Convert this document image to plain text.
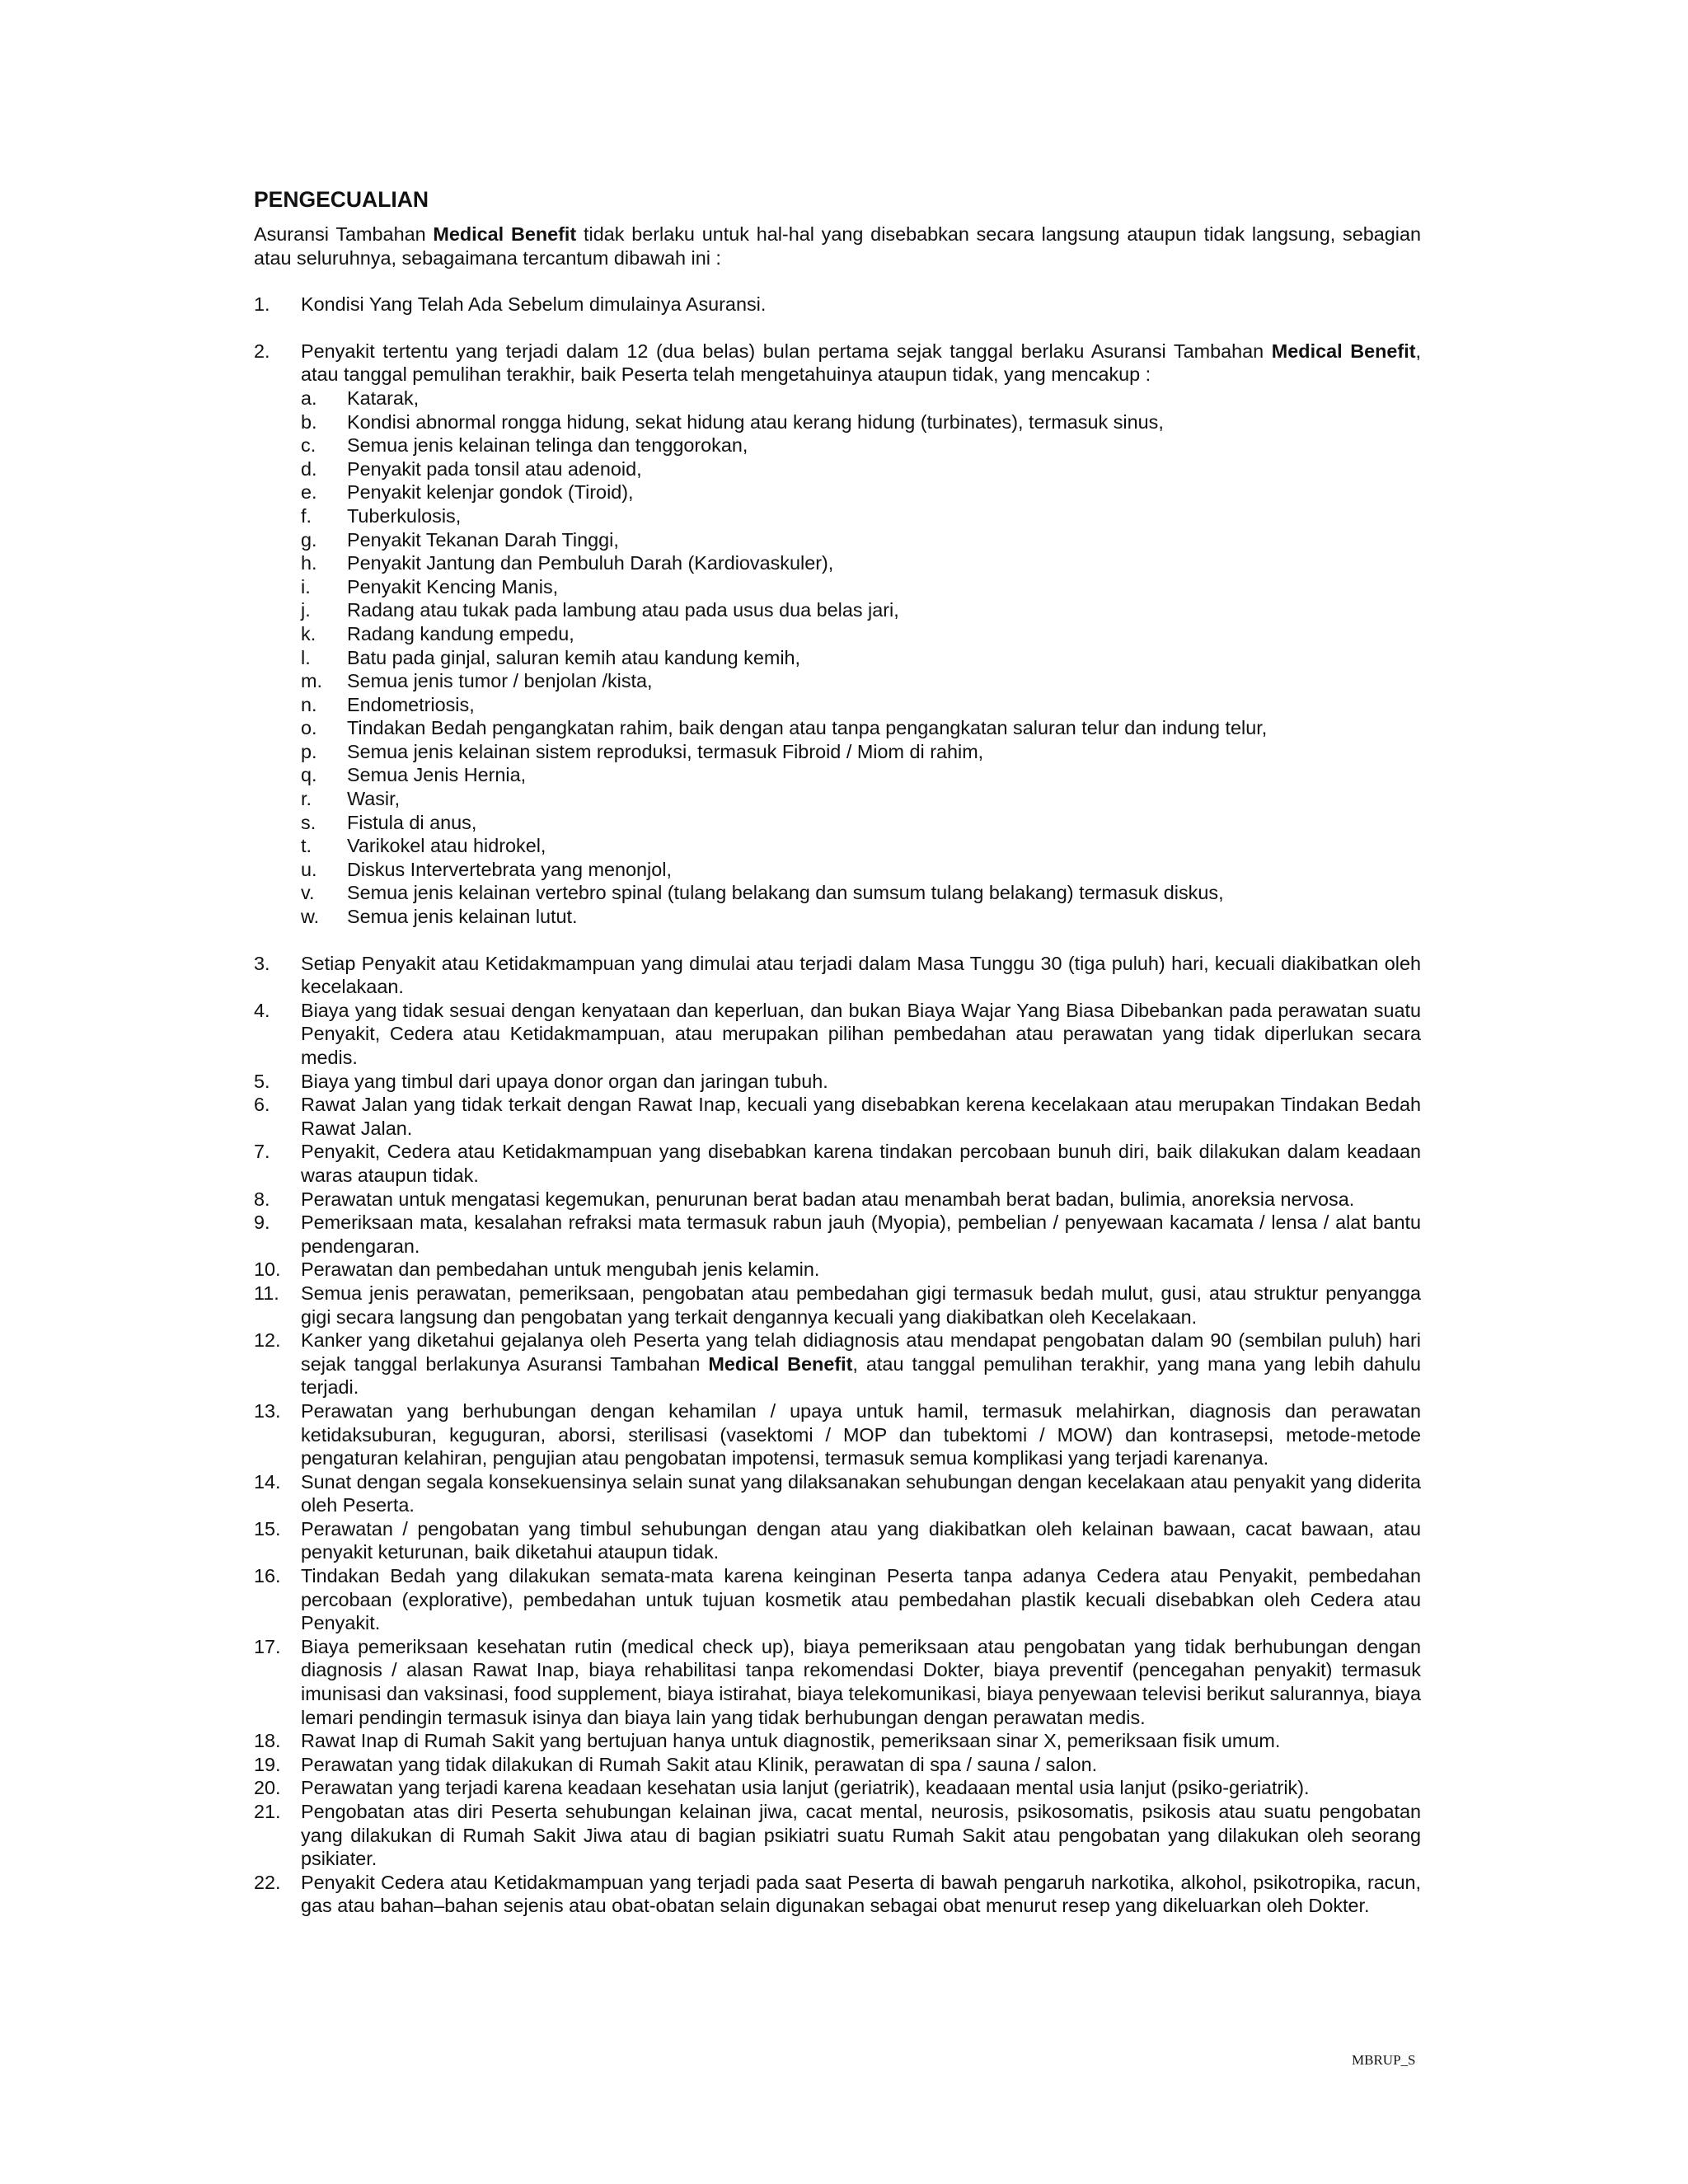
PENGECUALIAN

Asuransi Tambahan Medical Benefit tidak berlaku untuk hal-hal yang disebabkan secara langsung ataupun tidak langsung, sebagian atau seluruhnya, sebagaimana tercantum dibawah ini :

1.	Kondisi Yang Telah Ada Sebelum dimulainya Asuransi.
2.	Penyakit tertentu yang terjadi dalam 12 (dua belas) bulan pertama sejak tanggal berlaku Asuransi Tambahan Medical Benefit, atau tanggal pemulihan terakhir, baik Peserta telah mengetahuinya ataupun tidak, yang mencakup :
a.	Katarak,
b.	Kondisi abnormal rongga hidung, sekat hidung atau kerang hidung (turbinates), termasuk sinus,
c.	Semua jenis kelainan telinga dan tenggorokan,
d.	Penyakit pada tonsil atau adenoid,
e.	Penyakit kelenjar gondok (Tiroid),
f.	Tuberkulosis,
g.	Penyakit Tekanan Darah Tinggi,
h.	Penyakit Jantung dan Pembuluh Darah (Kardiovaskuler),
i.	Penyakit Kencing Manis,
j.	Radang atau tukak pada lambung atau pada usus dua belas jari,
k.	Radang kandung empedu,
l.	Batu pada ginjal, saluran kemih atau kandung kemih,
m.	Semua jenis tumor / benjolan /kista,
n.	Endometriosis,
o.	Tindakan Bedah pengangkatan rahim, baik dengan atau tanpa pengangkatan saluran telur dan indung telur,
p.	Semua jenis kelainan sistem reproduksi, termasuk Fibroid / Miom di rahim,
q.	Semua Jenis Hernia,
r.	Wasir,
s.	Fistula di anus,
t.	Varikokel atau hidrokel,
u.	Diskus Intervertebrata yang menonjol,
v.	Semua jenis kelainan vertebro spinal (tulang belakang dan sumsum tulang belakang) termasuk diskus,
w.	Semua jenis kelainan lutut.
3.	Setiap Penyakit atau Ketidakmampuan yang dimulai atau terjadi dalam Masa Tunggu 30 (tiga puluh) hari, kecuali diakibatkan oleh kecelakaan.
4.	Biaya yang tidak sesuai dengan kenyataan dan keperluan, dan bukan Biaya Wajar Yang Biasa Dibebankan pada perawatan suatu Penyakit, Cedera atau Ketidakmampuan, atau merupakan pilihan pembedahan atau perawatan yang tidak diperlukan secara medis.
5.	Biaya yang timbul dari upaya donor organ dan jaringan tubuh.
6.	Rawat Jalan yang tidak terkait dengan Rawat Inap, kecuali yang disebabkan kerena kecelakaan atau merupakan Tindakan Bedah Rawat Jalan.
7.	Penyakit, Cedera atau Ketidakmampuan yang disebabkan karena tindakan percobaan bunuh diri, baik dilakukan dalam keadaan waras ataupun tidak.
8.	Perawatan untuk mengatasi kegemukan, penurunan berat badan atau menambah berat badan, bulimia, anoreksia nervosa.
9.	Pemeriksaan mata, kesalahan refraksi mata termasuk rabun jauh (Myopia), pembelian / penyewaan kacamata / lensa / alat bantu pendengaran.
10.	Perawatan dan pembedahan untuk mengubah jenis kelamin.
11.	Semua jenis perawatan, pemeriksaan, pengobatan atau pembedahan gigi termasuk bedah mulut, gusi, atau struktur penyangga gigi secara langsung dan pengobatan yang terkait dengannya kecuali yang diakibatkan oleh Kecelakaan.
12.	Kanker yang diketahui gejalanya oleh Peserta yang telah didiagnosis atau mendapat pengobatan dalam 90 (sembilan puluh) hari sejak tanggal berlakunya Asuransi Tambahan Medical Benefit, atau tanggal pemulihan terakhir, yang mana yang lebih dahulu terjadi.
13.	Perawatan yang berhubungan dengan kehamilan / upaya untuk hamil, termasuk melahirkan, diagnosis dan perawatan ketidaksuburan, keguguran, aborsi, sterilisasi (vasektomi / MOP dan tubektomi / MOW) dan kontrasepsi, metode-metode pengaturan kelahiran, pengujian atau pengobatan impotensi, termasuk semua komplikasi yang terjadi karenanya.
14.	Sunat dengan segala konsekuensinya selain sunat yang dilaksanakan sehubungan dengan kecelakaan atau penyakit yang diderita oleh Peserta.
15.	Perawatan / pengobatan yang timbul sehubungan dengan atau yang diakibatkan oleh kelainan bawaan, cacat bawaan, atau penyakit keturunan, baik diketahui ataupun tidak.
16.	Tindakan Bedah yang dilakukan semata-mata karena keinginan Peserta tanpa adanya Cedera atau Penyakit, pembedahan percobaan (explorative), pembedahan untuk tujuan kosmetik atau pembedahan plastik kecuali disebabkan oleh Cedera atau Penyakit.
17.	Biaya pemeriksaan kesehatan rutin (medical check up), biaya pemeriksaan atau pengobatan yang tidak berhubungan dengan diagnosis / alasan Rawat Inap, biaya rehabilitasi tanpa rekomendasi Dokter, biaya preventif (pencegahan penyakit) termasuk imunisasi dan vaksinasi, food supplement, biaya istirahat, biaya telekomunikasi, biaya penyewaan televisi berikut salurannya, biaya lemari pendingin termasuk isinya dan biaya lain yang tidak berhubungan dengan perawatan medis.
18.	Rawat Inap di Rumah Sakit yang bertujuan hanya untuk diagnostik, pemeriksaan sinar X, pemeriksaan fisik umum.
19.	Perawatan yang tidak dilakukan di Rumah Sakit atau Klinik, perawatan di spa / sauna / salon.
20.	Perawatan yang terjadi karena keadaan kesehatan usia lanjut (geriatrik), keadaaan mental usia lanjut (psiko-geriatrik).
21.	Pengobatan atas diri Peserta sehubungan kelainan jiwa, cacat mental, neurosis, psikosomatis, psikosis atau suatu pengobatan yang dilakukan di Rumah Sakit Jiwa atau di bagian psikiatri suatu Rumah Sakit atau pengobatan yang dilakukan oleh seorang psikiater.
22.	Penyakit Cedera atau Ketidakmampuan yang terjadi pada saat Peserta di bawah pengaruh narkotika, alkohol, psikotropika, racun, gas atau bahan–bahan sejenis atau obat-obatan selain digunakan sebagai obat menurut resep yang dikeluarkan oleh Dokter.
MBRUP_S
